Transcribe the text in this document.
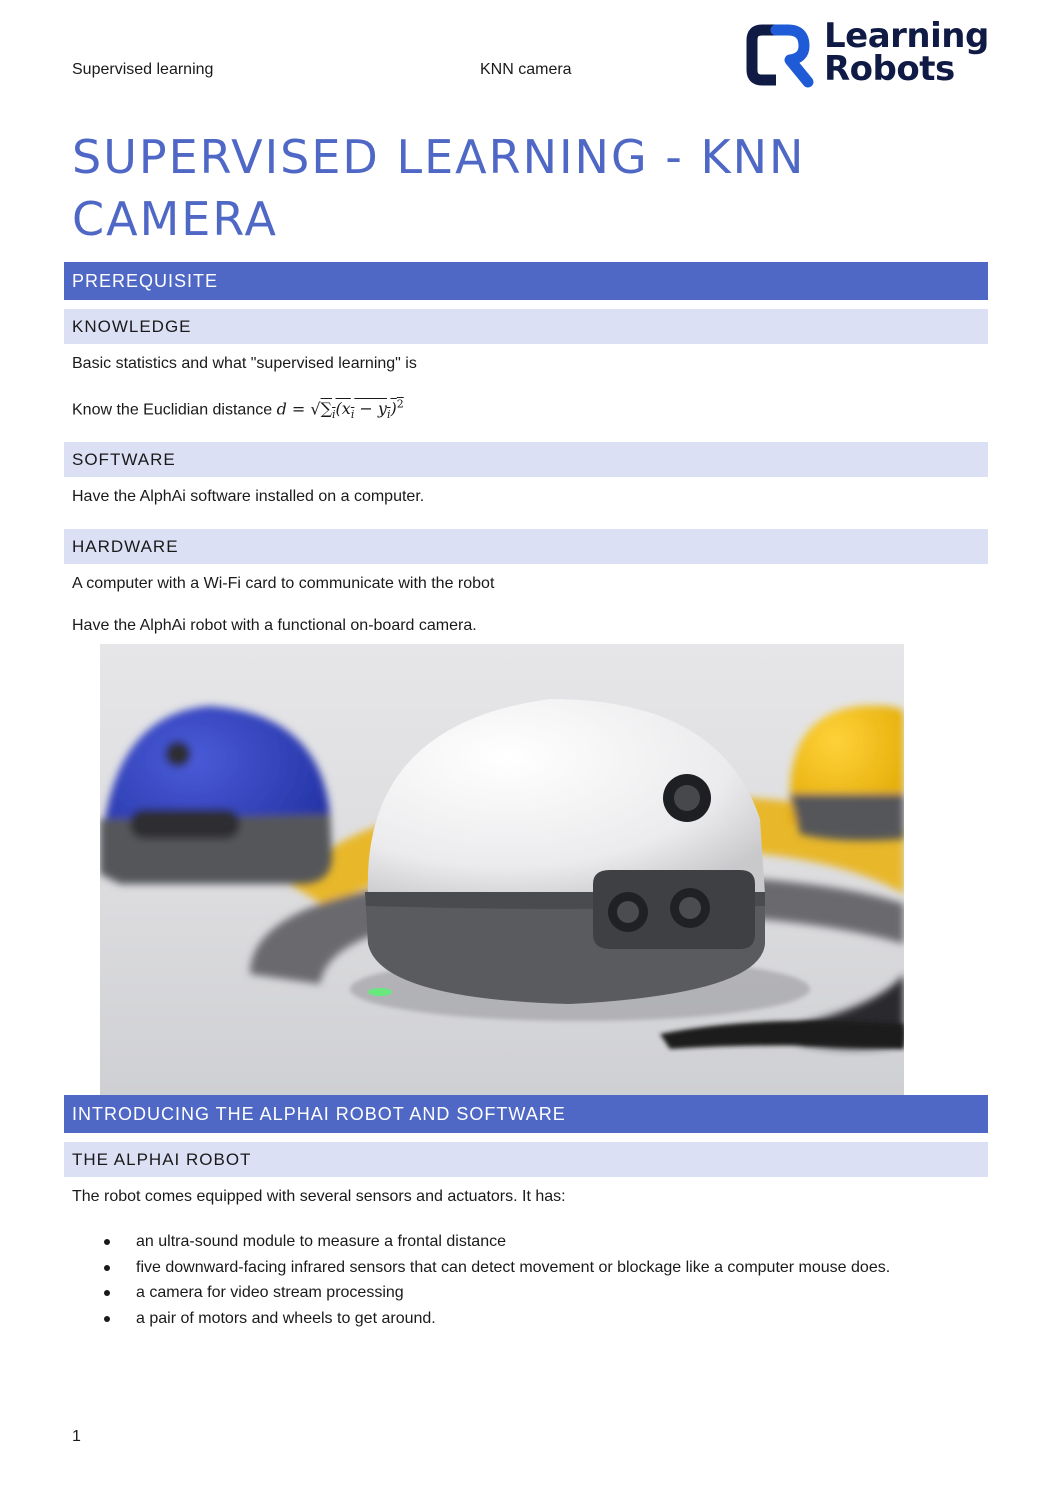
Supervised learning	KNN camera
Learning
Robots
SUPERVISED LEARNING - KNN CAMERA
PREREQUISITE
KNOWLEDGE
Basic statistics and what "supervised learning" is
Know the Euclidian distance $d = √\sum_i(x_i - y_i)^2$
SOFTWARE
Have the AlphAi software installed on a computer.
HARDWARE
A computer with a Wi-Fi card to communicate with the robot
Have the AlphAi robot with a functional on-board camera.
INTRODUCING THE ALPHAI ROBOT AND SOFTWARE
THE ALPHAI ROBOT
The robot comes equipped with several sensors and actuators. It has:
an ultra-sound module to measure a frontal distance
five downward-facing infrared sensors that can detect movement or blockage like a computer mouse does.
a camera for video stream processing
a pair of motors and wheels to get around.
1
